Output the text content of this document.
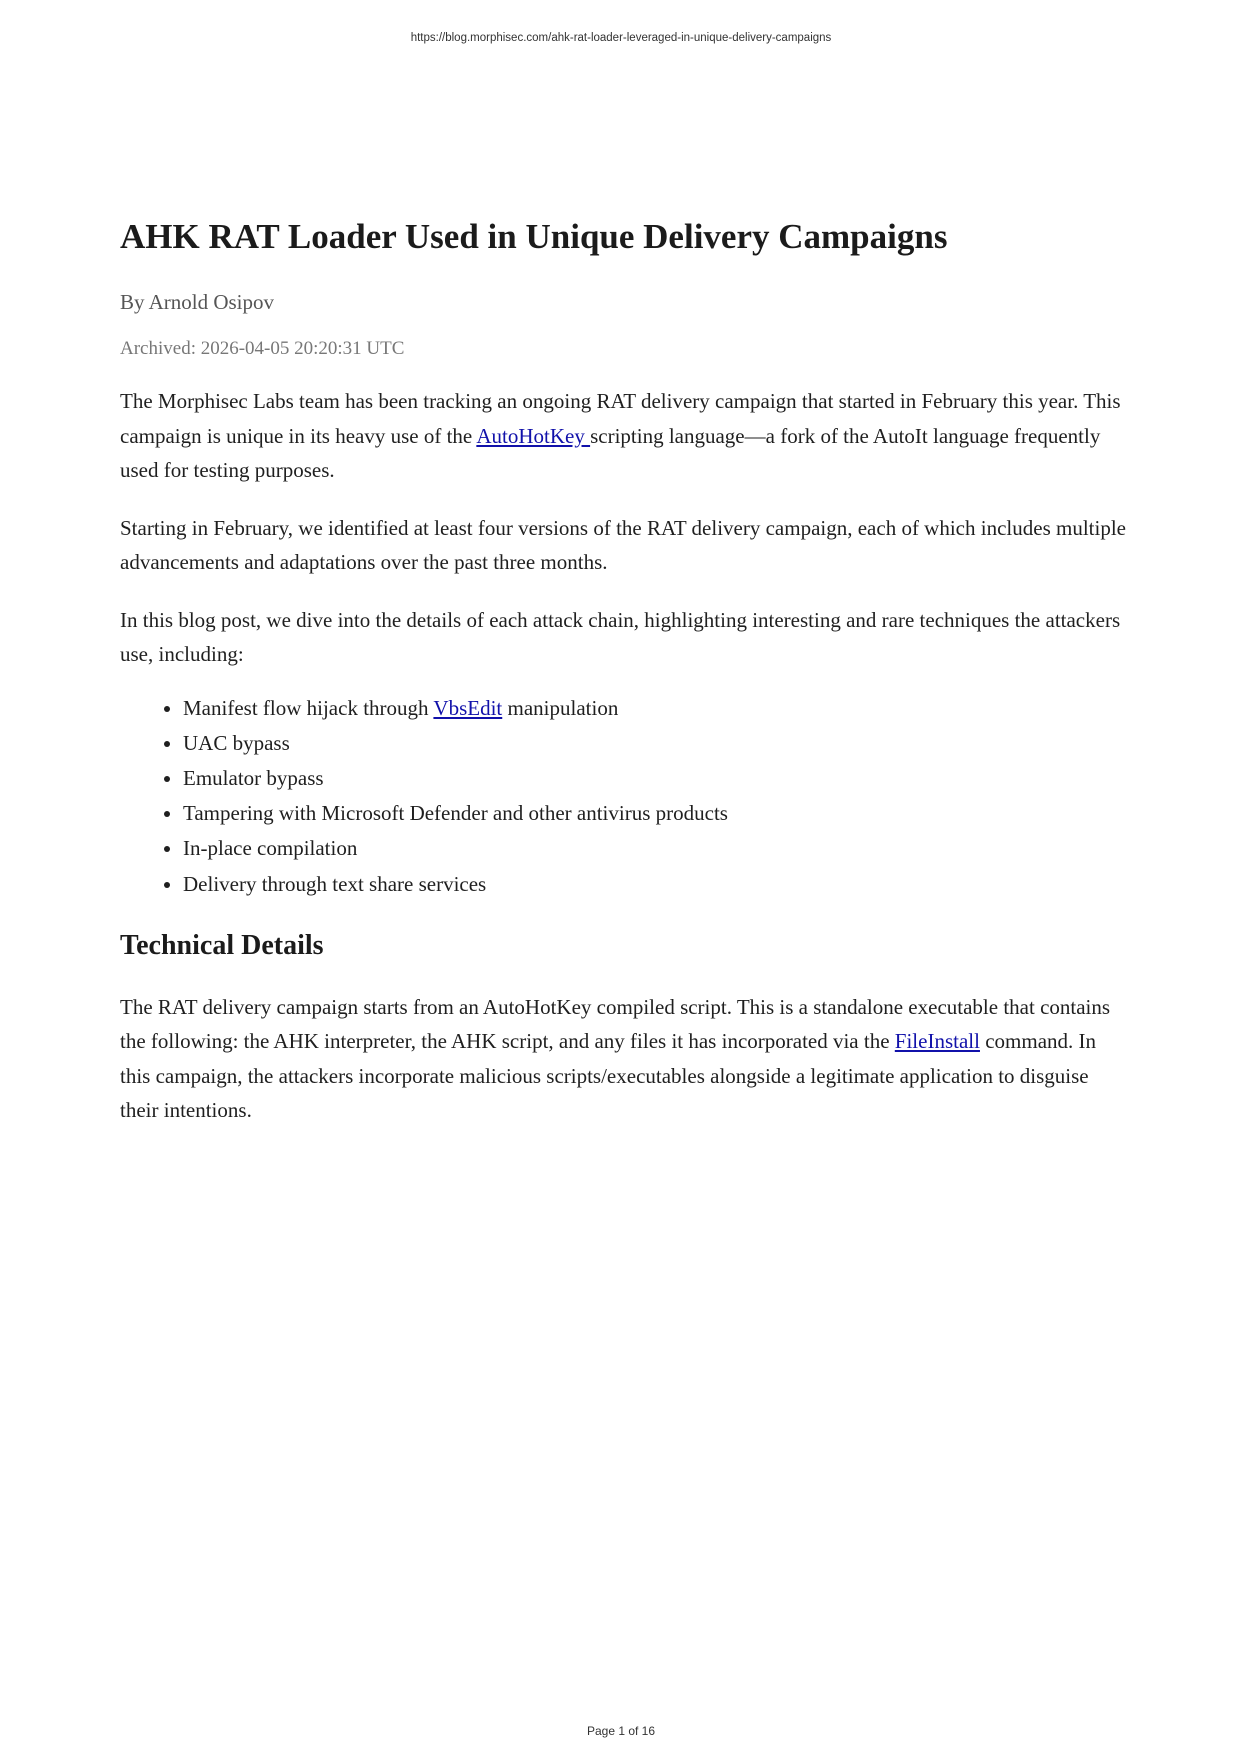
https://blog.morphisec.com/ahk-rat-loader-leveraged-in-unique-delivery-campaigns
AHK RAT Loader Used in Unique Delivery Campaigns
By Arnold Osipov
Archived: 2026-04-05 20:20:31 UTC

The Morphisec Labs team has been tracking an ongoing RAT delivery campaign that started in February this year. This campaign is unique in its heavy use of the AutoHotKey scripting language—a fork of the AutoIt language frequently used for testing purposes.

Starting in February, we identified at least four versions of the RAT delivery campaign, each of which includes multiple advancements and adaptations over the past three months.

In this blog post, we dive into the details of each attack chain, highlighting interesting and rare techniques the attackers use, including:

• Manifest flow hijack through VbsEdit manipulation
• UAC bypass
• Emulator bypass
• Tampering with Microsoft Defender and other antivirus products
• In-place compilation
• Delivery through text share services
Technical Details

The RAT delivery campaign starts from an AutoHotKey compiled script. This is a standalone executable that contains the following: the AHK interpreter, the AHK script, and any files it has incorporated via the FileInstall command. In this campaign, the attackers incorporate malicious scripts/executables alongside a legitimate application to disguise their intentions.

Page 1 of 16
